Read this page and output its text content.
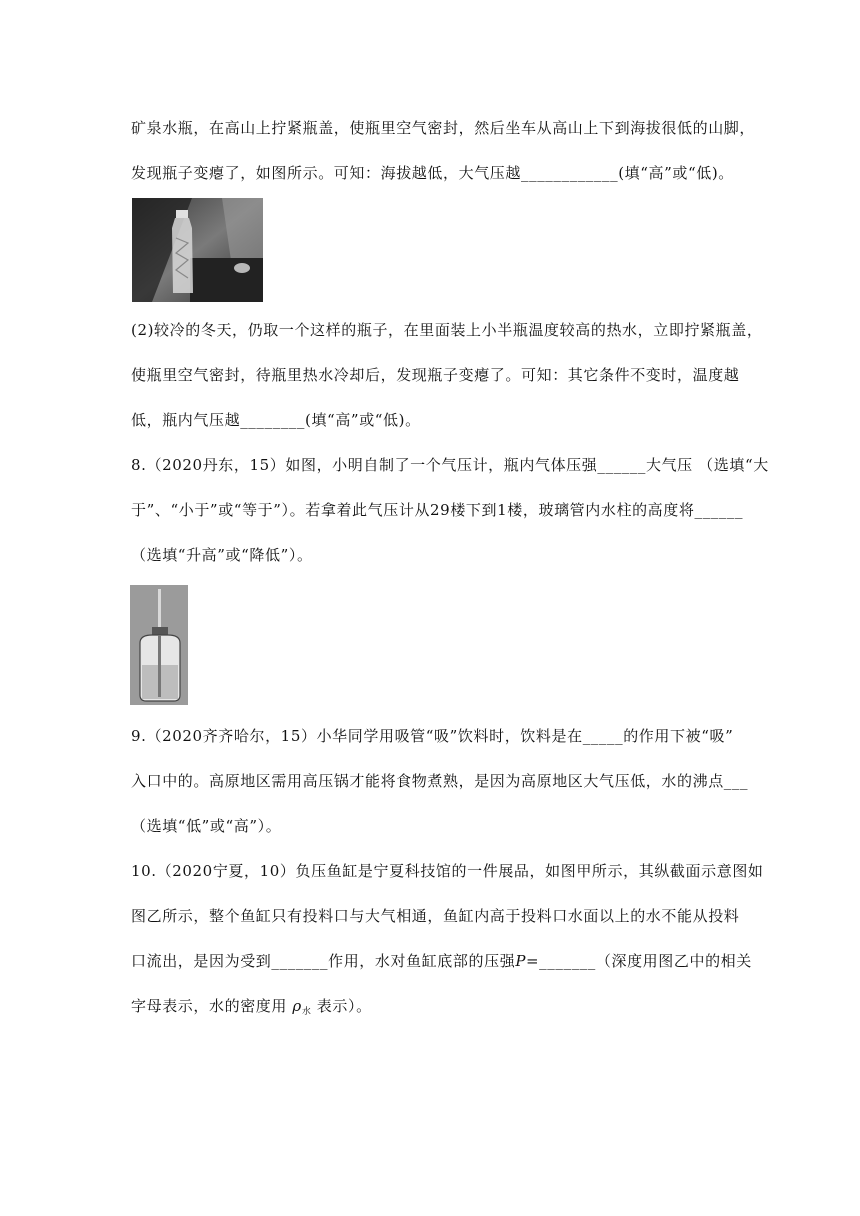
矿泉水瓶，在高山上拧紧瓶盖，使瓶里空气密封，然后坐车从高山上下到海拔很低的山脚，
发现瓶子变瘪了，如图所示。可知：海拔越低，大气压越____________(填“高”或“低)。
(2)较冷的冬天，仍取一个这样的瓶子，在里面装上小半瓶温度较高的热水，立即拧紧瓶盖，
使瓶里空气密封，待瓶里热水冷却后，发现瓶子变瘪了。可知：其它条件不变时，温度越
低，瓶内气压越________(填“高”或“低)。
8.（2020丹东，15）如图，小明自制了一个气压计，瓶内气体压强______大气压 （选填“大
于”、“小于”或“等于”）。若拿着此气压计从29楼下到1楼，玻璃管内水柱的高度将______
（选填“升高”或“降低”）。
9.（2020齐齐哈尔，15）小华同学用吸管“吸”饮料时，饮料是在_____的作用下被“吸”
入口中的。高原地区需用高压锅才能将食物煮熟，是因为高原地区大气压低，水的沸点___
（选填“低”或“高”）。
10.（2020宁夏，10）负压鱼缸是宁夏科技馆的一件展品，如图甲所示，其纵截面示意图如
图乙所示，整个鱼缸只有投料口与大气相通，鱼缸内高于投料口水面以上的水不能从投料
口流出，是因为受到_______作用，水对鱼缸底部的压强P=_______（深度用图乙中的相关
字母表示，水的密度用 $\rho_水$ 表示）。
